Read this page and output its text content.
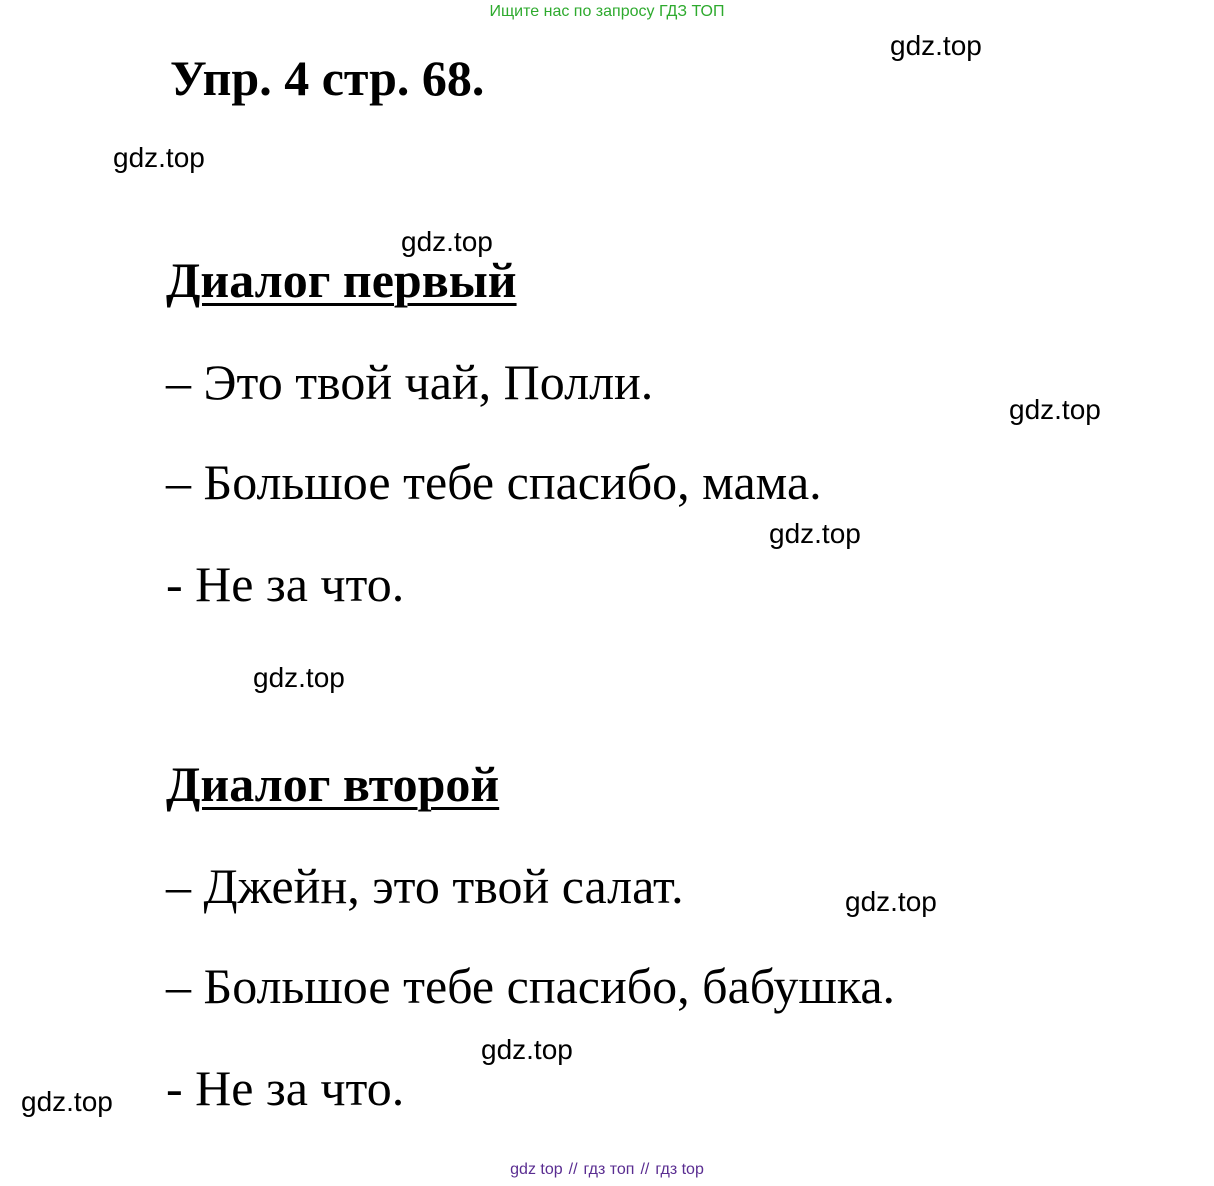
Ищите нас по запросу ГДЗ ТОП
Упр. 4 стр. 68.
Диалог первый

– Это твой чай, Полли.

– Большое тебе спасибо, мама.

- Не за что.

Диалог второй

– Джейн, это твой салат.

– Большое тебе спасибо, бабушка.

- Не за что.

gdz.top
gdz.top
gdz.top
gdz.top
gdz.top
gdz.top
gdz.top
gdz.top
gdz.top
gdz top // гдз топ // гдз top
